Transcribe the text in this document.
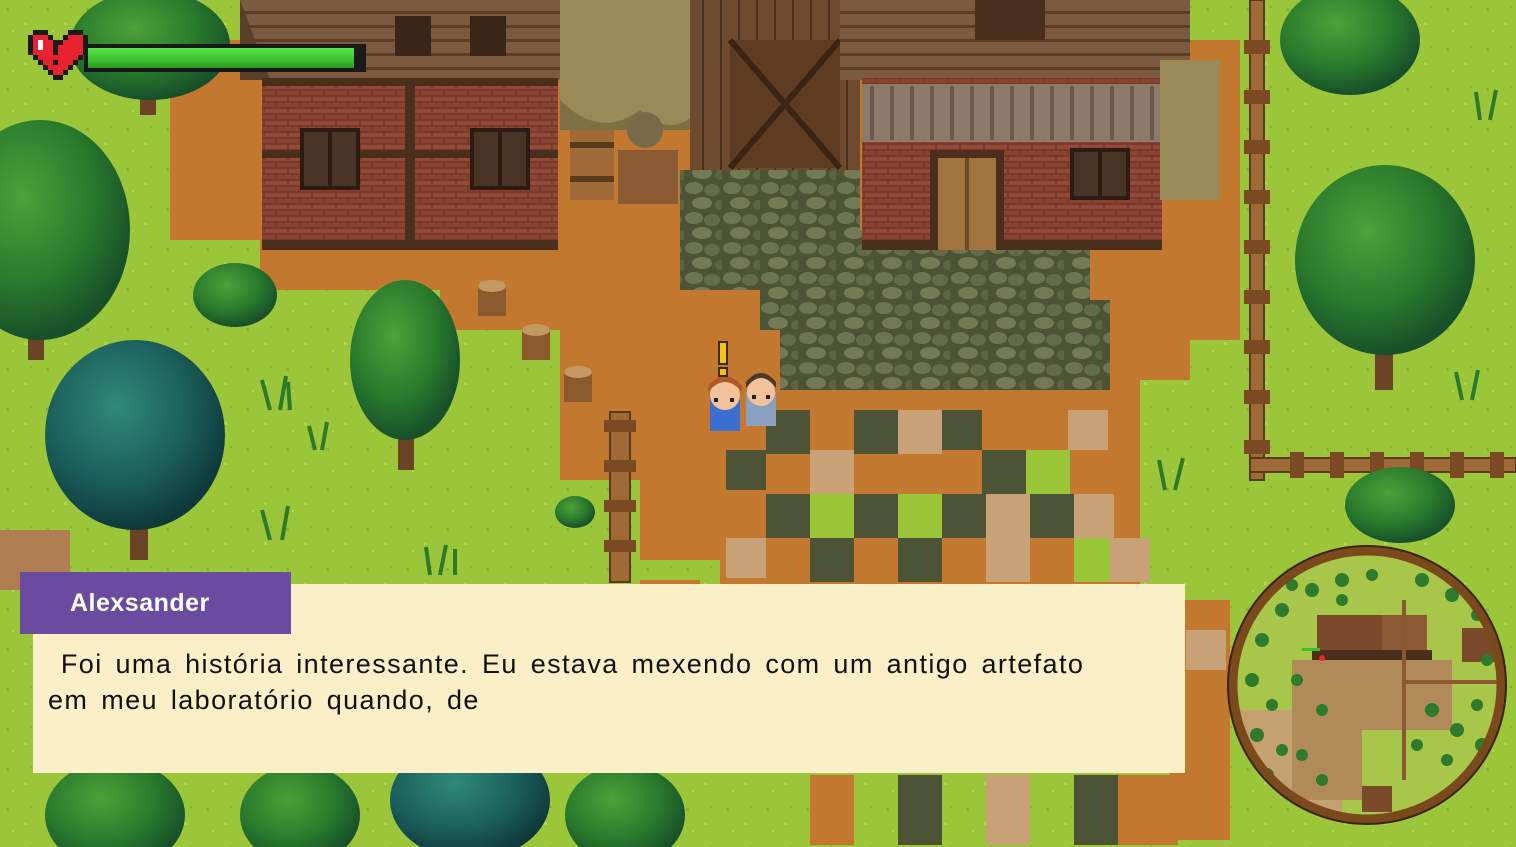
Alexsander
Foi uma história interessante. Eu estava mexendo com um antigo artefato
em meu laboratório quando, de
